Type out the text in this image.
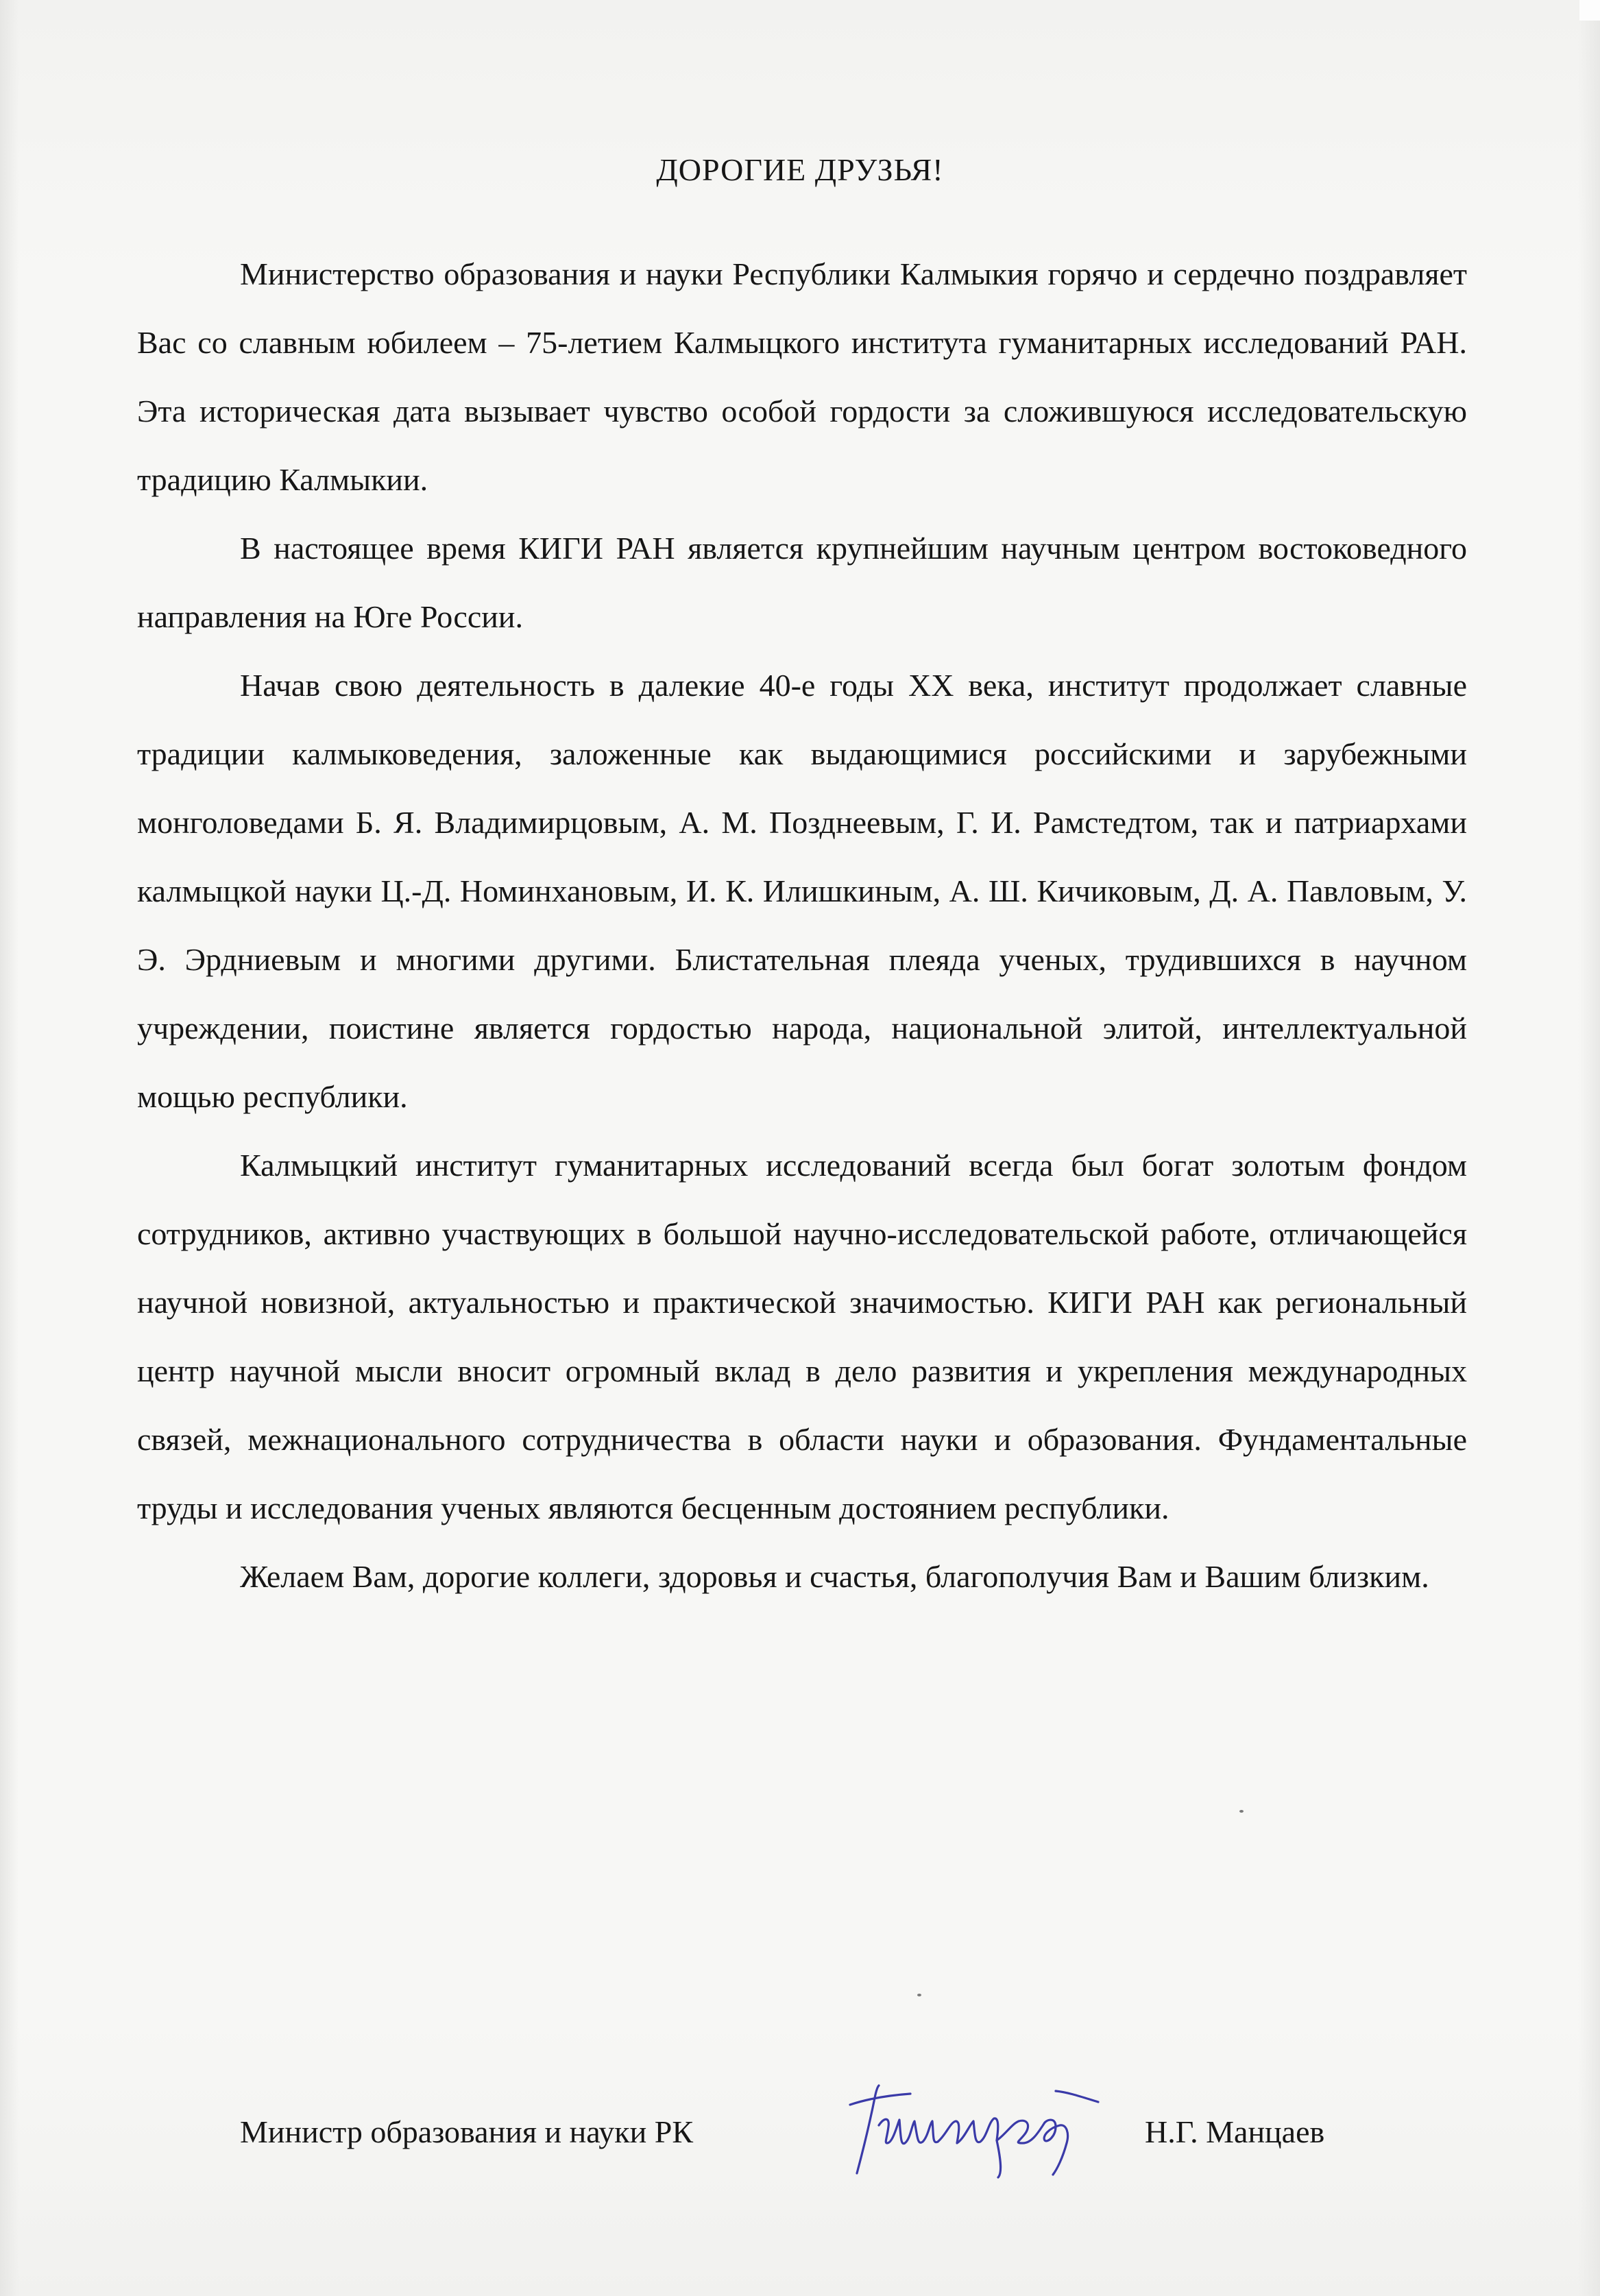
ДОРОГИЕ ДРУЗЬЯ!

Министерство образования и науки Республики Калмыкия горячо и сердечно поздравляет Вас со славным юбилеем – 75-летием Калмыцкого института гуманитарных исследований РАН. Эта историческая дата вызывает чувство особой гордости за сложившуюся исследовательскую традицию Калмыкии.

В настоящее время КИГИ РАН является крупнейшим научным центром востоковедного направления на Юге России.

Начав свою деятельность в далекие 40-е годы XX века, институт продолжает славные традиции калмыковедения, заложенные как выдающимися российскими и зарубежными монголоведами Б. Я. Владимирцовым, А. М. Позднеевым, Г. И. Рамстедтом, так и патриархами калмыцкой науки Ц.-Д. Номинхановым, И. К. Илишкиным, А. Ш. Кичиковым, Д. А. Павловым, У. Э. Эрдниевым и многими другими. Блистательная плеяда ученых, трудившихся в научном учреждении, поистине является гордостью народа, национальной элитой, интеллектуальной мощью республики.

Калмыцкий институт гуманитарных исследований всегда был богат золотым фондом сотрудников, активно участвующих в большой научно-исследовательской работе, отличающейся научной новизной, актуальностью и практической значимостью. КИГИ РАН как региональный центр научной мысли вносит огромный вклад в дело развития и укрепления международных связей, межнационального сотрудничества в области науки и образования. Фундаментальные труды и исследования ученых являются бесценным достоянием республики.

Желаем Вам, дорогие коллеги, здоровья и счастья, благополучия Вам и Вашим близким.

Министр образования и науки РК	Н.Г. Манцаев
